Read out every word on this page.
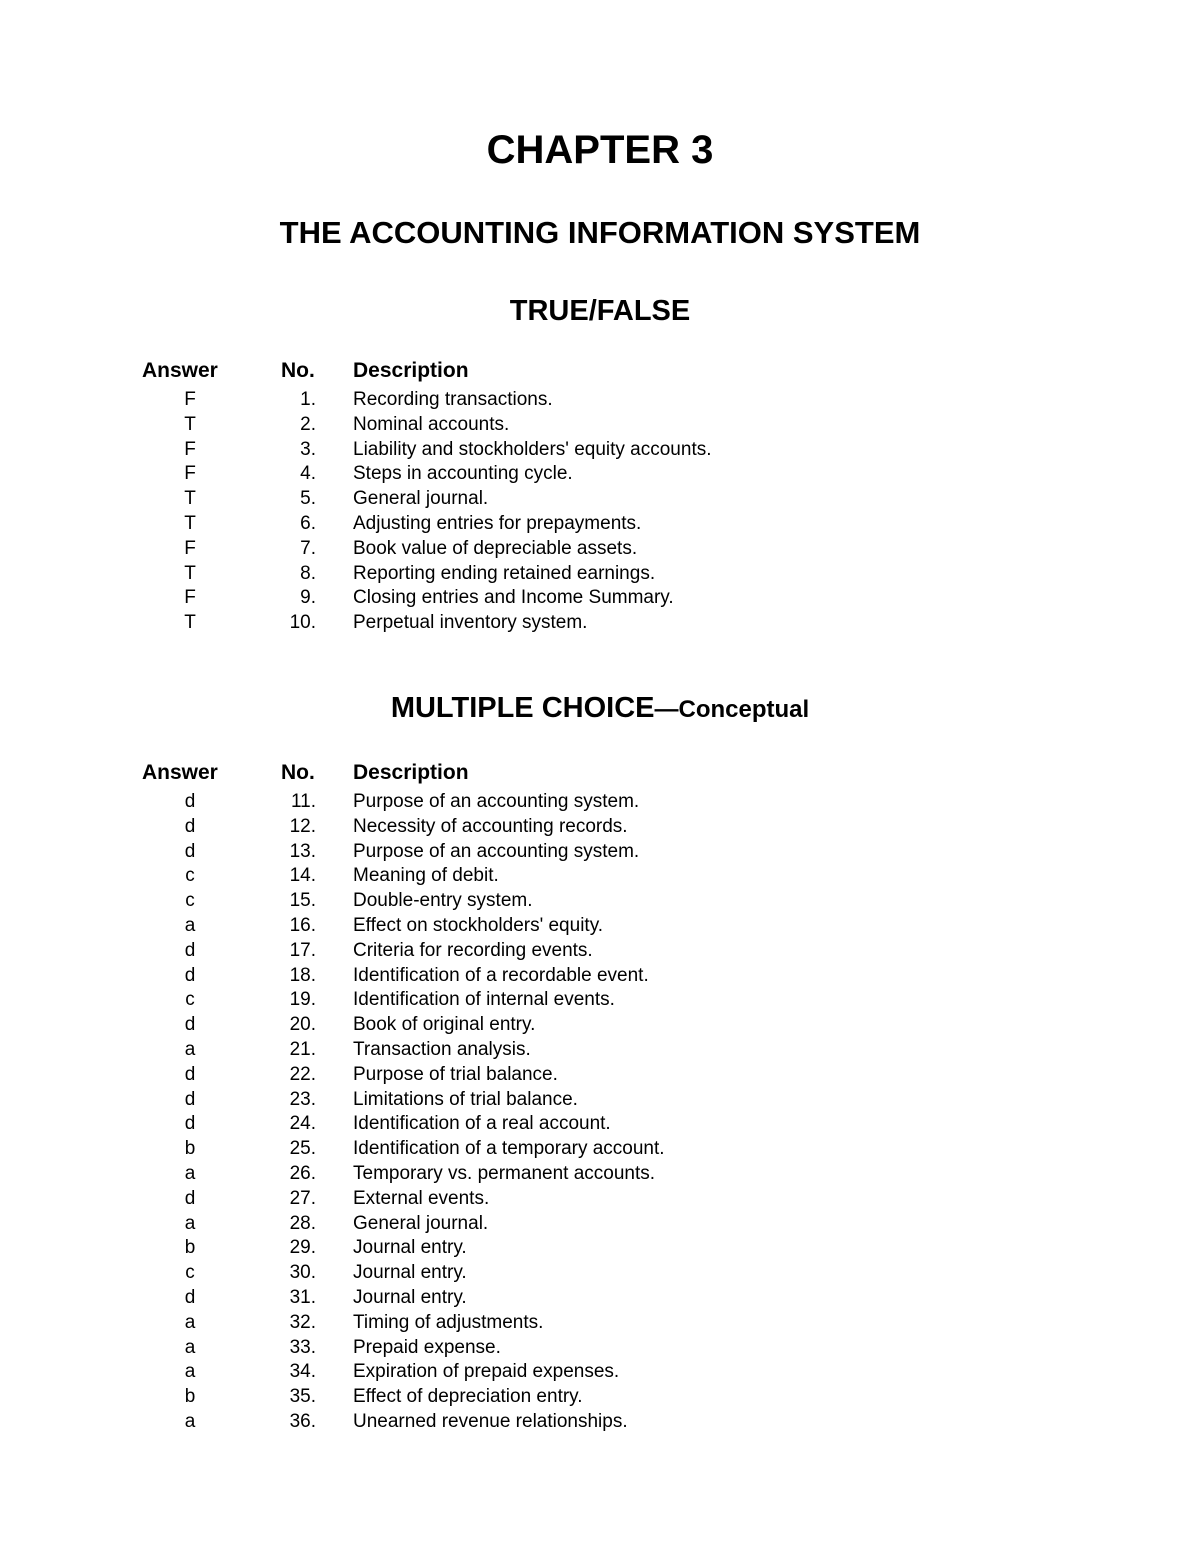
CHAPTER 3
THE ACCOUNTING INFORMATION SYSTEM
TRUE/FALSE
Answer	No. Description
F	1. Recording transactions.
T	2. Nominal accounts.
F	3. Liability and stockholders' equity accounts.
F	4. Steps in accounting cycle.
T	5. General journal.
T	6. Adjusting entries for prepayments.
F	7. Book value of depreciable assets.
T	8. Reporting ending retained earnings.
F	9. Closing entries and Income Summary.
T	10. Perpetual inventory system.
MULTIPLE CHOICE—Conceptual
Answer	No. Description
d	11. Purpose of an accounting system.
d	12. Necessity of accounting records.
d	13. Purpose of an accounting system.
c	14. Meaning of debit.
c	15. Double-entry system.
a	16. Effect on stockholders' equity.
d	17. Criteria for recording events.
d	18. Identification of a recordable event.
c	19. Identification of internal events.
d	20. Book of original entry.
a	21. Transaction analysis.
d	22. Purpose of trial balance.
d	23. Limitations of trial balance.
d	24. Identification of a real account.
b	25. Identification of a temporary account.
a	26. Temporary vs. permanent accounts.
d	27. External events.
a	28. General journal.
b	29. Journal entry.
c	30. Journal entry.
d	31. Journal entry.
a	32. Timing of adjustments.
a	33. Prepaid expense.
a	34. Expiration of prepaid expenses.
b	35. Effect of depreciation entry.
a	36. Unearned revenue relationships.
